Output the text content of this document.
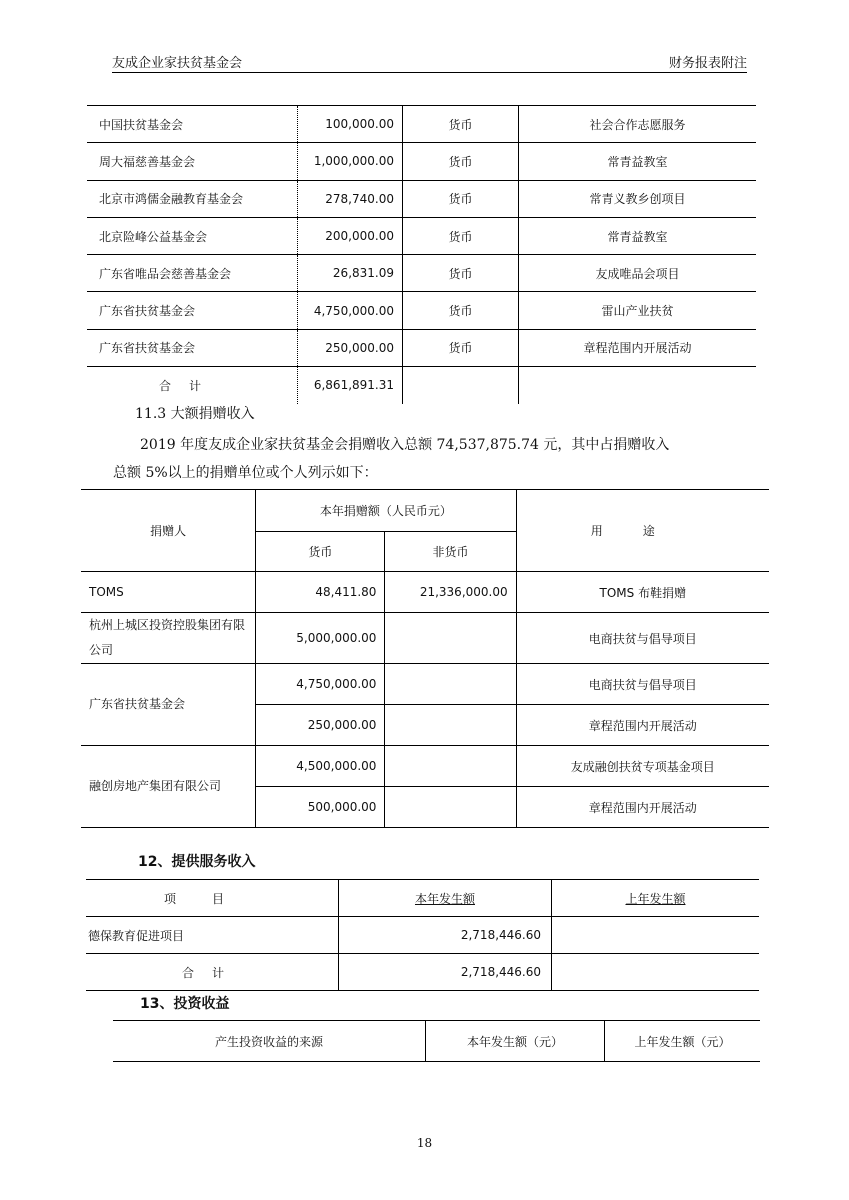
友成企业家扶贫基金会	财务报表附注
中国扶贫基金会	100,000.00	货币	社会合作志愿服务
周大福慈善基金会	1,000,000.00	货币	常青益教室
北京市鸿儒金融教育基金会	278,740.00	货币	常青义教乡创项目
北京险峰公益基金会	200,000.00	货币	常青益教室
广东省唯品会慈善基金会	26,831.09	货币	友成唯品会项目
广东省扶贫基金会	4,750,000.00	货币	雷山产业扶贫
广东省扶贫基金会	250,000.00	货币	章程范围内开展活动
合计	6,861,891.31		
11.3 大额捐赠收入
2019 年度友成企业家扶贫基金会捐赠收入总额 74,537,875.74 元，其中占捐赠收入
总额 5%以上的捐赠单位或个人列示如下：
捐赠人	本年捐赠额（人民币元）		用途
	货币	非货币	
TOMS	48,411.80	21,336,000.00	TOMS 布鞋捐赠
杭州上城区投资控股集团有限公司	5,000,000.00		电商扶贫与倡导项目
广东省扶贫基金会	4,750,000.00		电商扶贫与倡导项目
	250,000.00		章程范围内开展活动
融创房地产集团有限公司	4,500,000.00		友成融创扶贫专项基金项目
	500,000.00		章程范围内开展活动
12、提供服务收入
项目	本年发生额	上年发生额
德保教育促进项目	2,718,446.60	
合计	2,718,446.60	
13、投资收益
产生投资收益的来源	本年发生额（元）	上年发生额（元）
18
